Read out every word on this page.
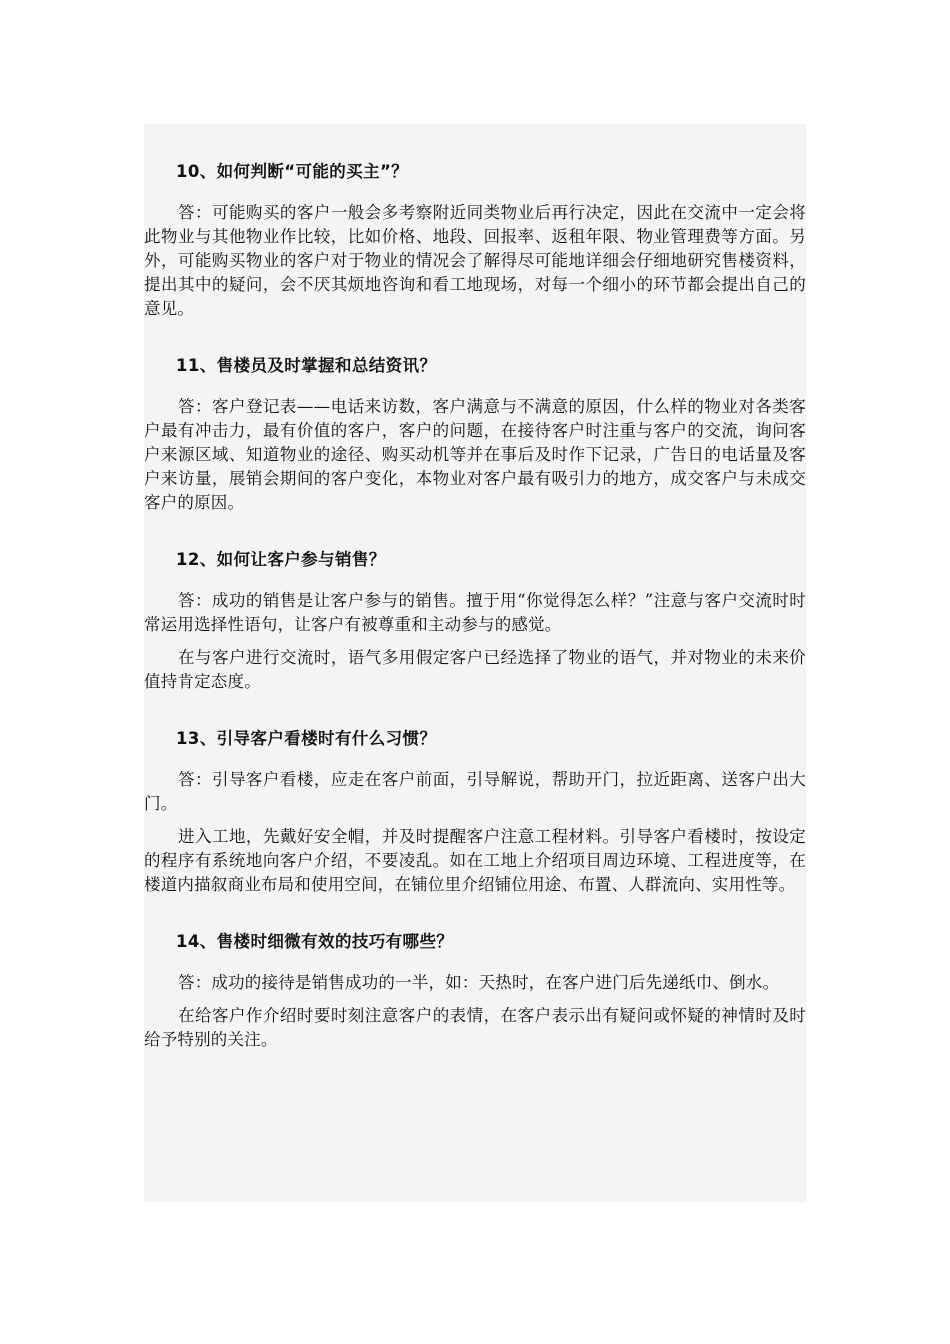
10、如何判断“可能的买主”？

答：可能购买的客户一般会多考察附近同类物业后再行决定，因此在交流中一定会将此物业与其他物业作比较，比如价格、地段、回报率、返租年限、物业管理费等方面。另外，可能购买物业的客户对于物业的情况会了解得尽可能地详细会仔细地研究售楼资料，提出其中的疑问，会不厌其烦地咨询和看工地现场，对每一个细小的环节都会提出自己的意见。

11、售楼员及时掌握和总结资讯？

答：客户登记表——电话来访数，客户满意与不满意的原因，什么样的物业对各类客户最有冲击力，最有价值的客户，客户的问题，在接待客户时注重与客户的交流，询问客户来源区域、知道物业的途径、购买动机等并在事后及时作下记录，广告日的电话量及客户来访量，展销会期间的客户变化，本物业对客户最有吸引力的地方，成交客户与未成交客户的原因。

12、如何让客户参与销售？

答：成功的销售是让客户参与的销售。擅于用“你觉得怎么样？”注意与客户交流时时常运用选择性语句，让客户有被尊重和主动参与的感觉。

在与客户进行交流时，语气多用假定客户已经选择了物业的语气，并对物业的未来价值持肯定态度。

13、引导客户看楼时有什么习惯？

答：引导客户看楼，应走在客户前面，引导解说，帮助开门，拉近距离、送客户出大门。

进入工地，先戴好安全帽，并及时提醒客户注意工程材料。引导客户看楼时，按设定的程序有系统地向客户介绍，不要凌乱。如在工地上介绍项目周边环境、工程进度等，在楼道内描叙商业布局和使用空间，在铺位里介绍铺位用途、布置、人群流向、实用性等。

14、售楼时细微有效的技巧有哪些？

答：成功的接待是销售成功的一半，如：天热时，在客户进门后先递纸巾、倒水。

在给客户作介绍时要时刻注意客户的表情，在客户表示出有疑问或怀疑的神情时及时给予特别的关注。
